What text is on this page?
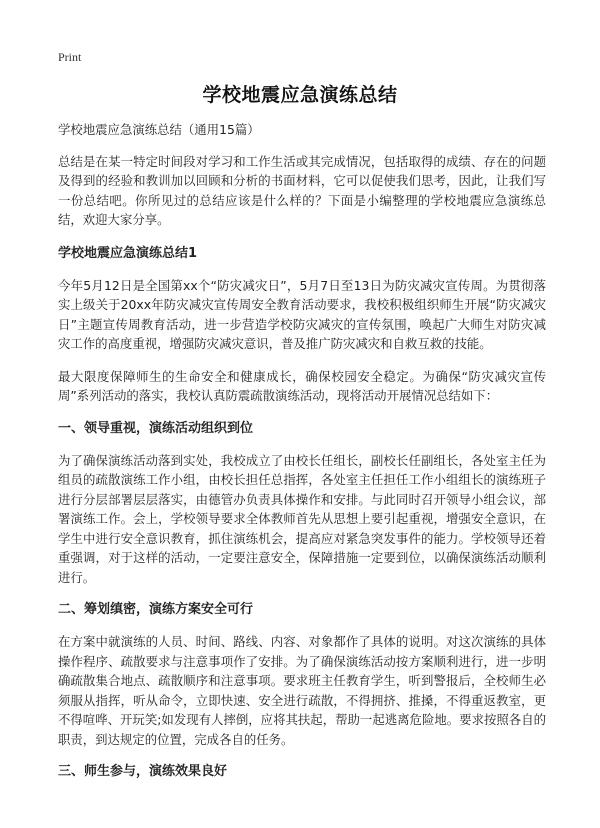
Print
学校地震应急演练总结

学校地震应急演练总结（通用15篇）

总结是在某一特定时间段对学习和工作生活或其完成情况，包括取得的成绩、存在的问题及得到的经验和教训加以回顾和分析的书面材料，它可以促使我们思考，因此，让我们写一份总结吧。你所见过的总结应该是什么样的？下面是小编整理的学校地震应急演练总结，欢迎大家分享。

学校地震应急演练总结1

今年5月12日是全国第xx个“防灾减灾日”，5月7日至13日为防灾减灾宣传周。为贯彻落实上级关于20xx年防灾减灾宣传周安全教育活动要求，我校积极组织师生开展“防灾减灾日”主题宣传周教育活动，进一步营造学校防灾减灾的宣传氛围，唤起广大师生对防灾减灾工作的高度重视，增强防灾减灾意识，普及推广防灾减灾和自救互救的技能。

最大限度保障师生的生命安全和健康成长，确保校园安全稳定。为确保“防灾减灾宣传周”系列活动的落实，我校认真防震疏散演练活动，现将活动开展情况总结如下：

一、领导重视，演练活动组织到位

为了确保演练活动落到实处，我校成立了由校长任组长，副校长任副组长，各处室主任为组员的疏散演练工作小组，由校长担任总指挥，各处室主任担任工作小组组长的演练班子进行分层部署层层落实，由德管办负责具体操作和安排。与此同时召开领导小组会议，部署演练工作。会上，学校领导要求全体教师首先从思想上要引起重视，增强安全意识，在学生中进行安全意识教育，抓住演练机会，提高应对紧急突发事件的能力。学校领导还着重强调，对于这样的活动，一定要注意安全，保障措施一定要到位，以确保演练活动顺利进行。

二、筹划缜密，演练方案安全可行

在方案中就演练的人员、时间、路线、内容、对象都作了具体的说明。对这次演练的具体操作程序、疏散要求与注意事项作了安排。为了确保演练活动按方案顺利进行，进一步明确疏散集合地点、疏散顺序和注意事项。要求班主任教育学生，听到警报后，全校师生必须服从指挥，听从命令，立即快速、安全进行疏散，不得拥挤、推搡，不得重返教室，更不得喧哗、开玩笑;如发现有人摔倒，应将其扶起，帮助一起逃离危险地。要求按照各自的职责，到达规定的位置，完成各自的任务。

三、师生参与，演练效果良好
